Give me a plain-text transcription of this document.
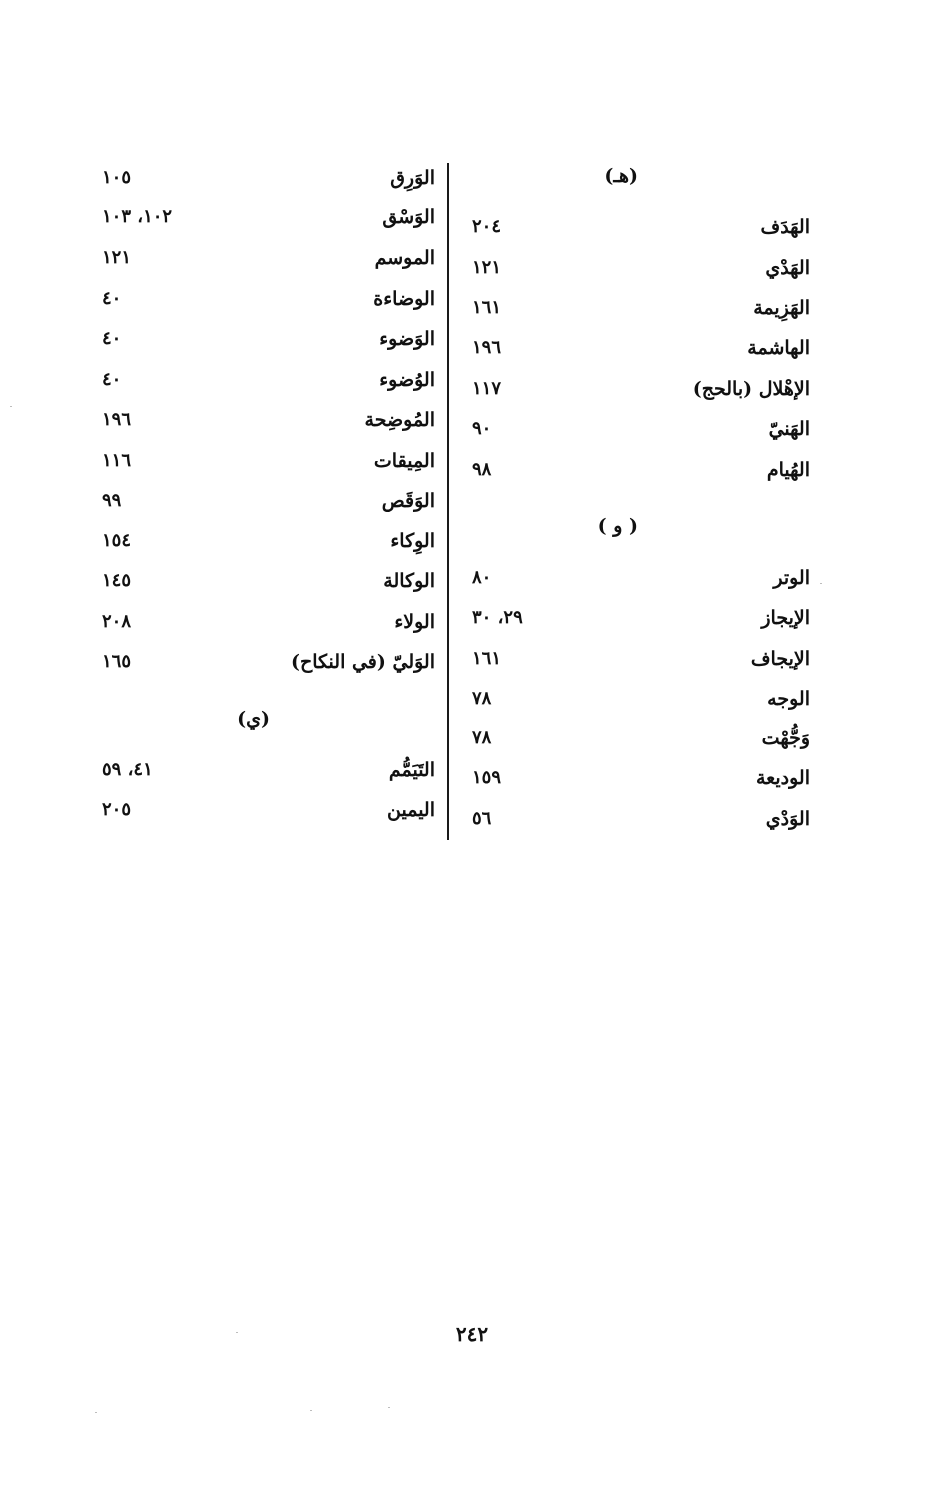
(هـ)
الهَدَف
٢٠٤
الهَدْي
١٢١
الهَزِيمة
١٦١
الهاشمة
١٩٦
الإهْلال (بالحج)
١١٧
الهَنيّ
٩٠
الهُيام
٩٨
( و )
الوتر
٨٠
الإيجاز
٢٩، ٣٠
الإيجاف
١٦١
الوجه
٧٨
وَجُّهْت
٧٨
الوديعة
١٥٩
الوَدْي
٥٦
الوَرِق
١٠٥
الوَسْق
١٠٢، ١٠٣
الموسم
١٢١
الوضاءة
٤٠
الوَضوء
٤٠
الوُضوء
٤٠
المُوضِحة
١٩٦
المِيقات
١١٦
الوَقَص
٩٩
الوِكاء
١٥٤
الوكالة
١٤٥
الولاء
٢٠٨
الوَليّ (في النكاح)
١٦٥
(ي)
التَيَمُّم
٤١، ٥٩
اليمين
٢٠٥
٢٤٢
